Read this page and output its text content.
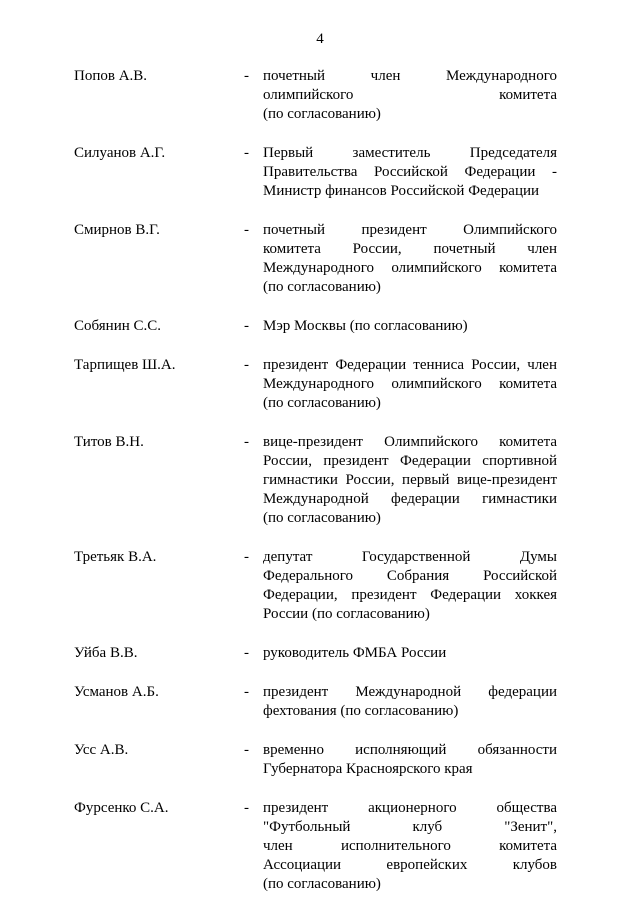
4
Попов А.В.	- почетный член Международного
олимпийского комитета
(по согласованию)
Силуанов А.Г.	- Первый заместитель Председателя
Правительства Российской Федерации -
Министр финансов Российской Федерации
Смирнов В.Г.	- почетный президент Олимпийского
комитета России, почетный член
Международного олимпийского комитета
(по согласованию)
Собянин С.С.	- Мэр Москвы (по согласованию)
Тарпищев Ш.А.	- президент Федерации тенниса России, член
Международного олимпийского комитета
(по согласованию)
Титов В.Н.	- вице-президент Олимпийского комитета
России, президент Федерации спортивной
гимнастики России, первый вице-президент
Международной федерации гимнастики
(по согласованию)
Третьяк В.А.	- депутат Государственной Думы
Федерального Собрания Российской
Федерации, президент Федерации хоккея
России (по согласованию)
Уйба В.В.	- руководитель ФМБА России
Усманов А.Б.	- президент Международной федерации
фехтования (по согласованию)
Усс А.В.	- временно исполняющий обязанности
Губернатора Красноярского края
Фурсенко С.А.	- президент акционерного общества
"Футбольный клуб "Зенит",
член исполнительного комитета
Ассоциации европейских клубов
(по согласованию)
